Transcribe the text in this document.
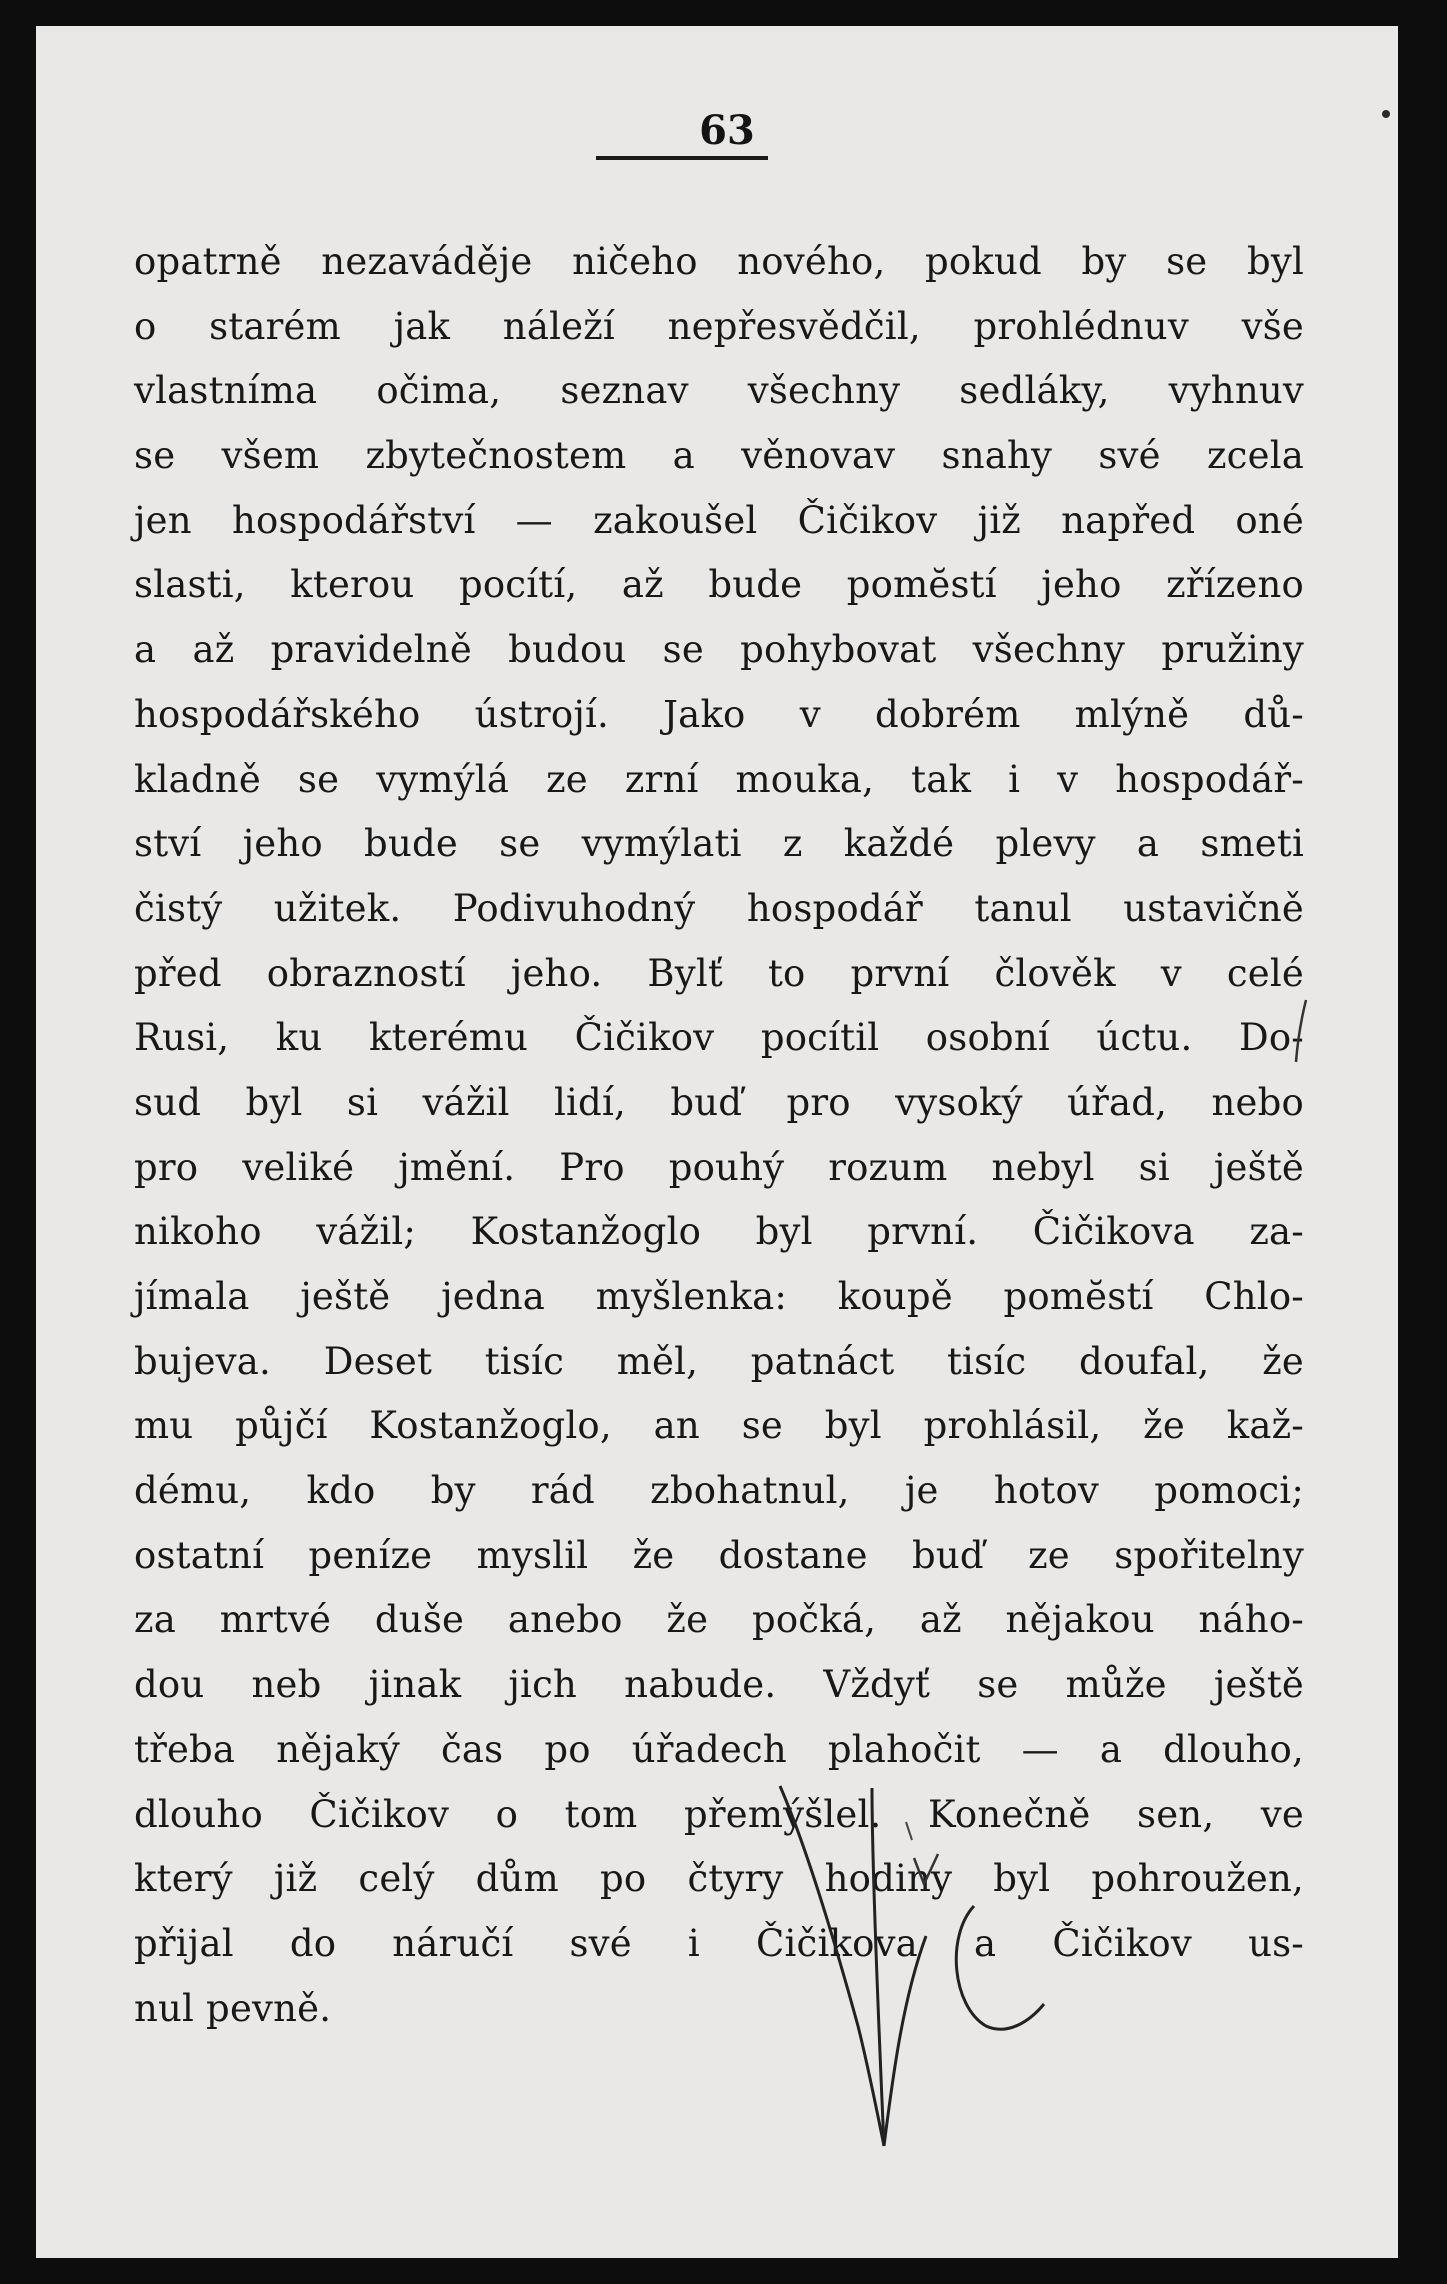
63
opatrně nezaváděje ničeho nového, pokud by se byl
o starém jak náleží nepřesvědčil, prohlédnuv vše
vlastníma očima, seznav všechny sedláky, vyhnuv
se všem zbytečnostem a věnovav snahy své zcela
jen hospodářství — zakoušel Čičikov již napřed oné
slasti, kterou pocítí, až bude pomĕstí jeho zřízeno
a až pravidelně budou se pohybovat všechny pružiny
hospodářského ústrojí. Jako v dobrém mlýně dů-
kladně se vymýlá ze zrní mouka, tak i v hospodář-
ství jeho bude se vymýlati z každé plevy a smeti
čistý užitek. Podivuhodný hospodář tanul ustavičně
před obrazností jeho. Bylť to první člověk v celé
Rusi, ku kterému Čičikov pocítil osobní úctu. Do-
sud byl si vážil lidí, buď pro vysoký úřad, nebo
pro veliké jmění. Pro pouhý rozum nebyl si ještě
nikoho vážil; Kostanžoglo byl první. Čičikova za-
jímala ještě jedna myšlenka: koupě pomĕstí Chlo-
bujeva. Deset tisíc měl, patnáct tisíc doufal, že
mu půjčí Kostanžoglo, an se byl prohlásil, že kaž-
dému, kdo by rád zbohatnul, je hotov pomoci;
ostatní peníze myslil že dostane buď ze spořitelny
za mrtvé duše anebo že počká, až nějakou náho-
dou neb jinak jich nabude. Vždyť se může ještě
třeba nějaký čas po úřadech plahočit — a dlouho,
dlouho Čičikov o tom přemýšlel. Konečně sen, ve
který již celý dům po čtyry hodiny byl pohroužen,
přijal do náručí své i Čičikova a Čičikov us-
nul pevně.
